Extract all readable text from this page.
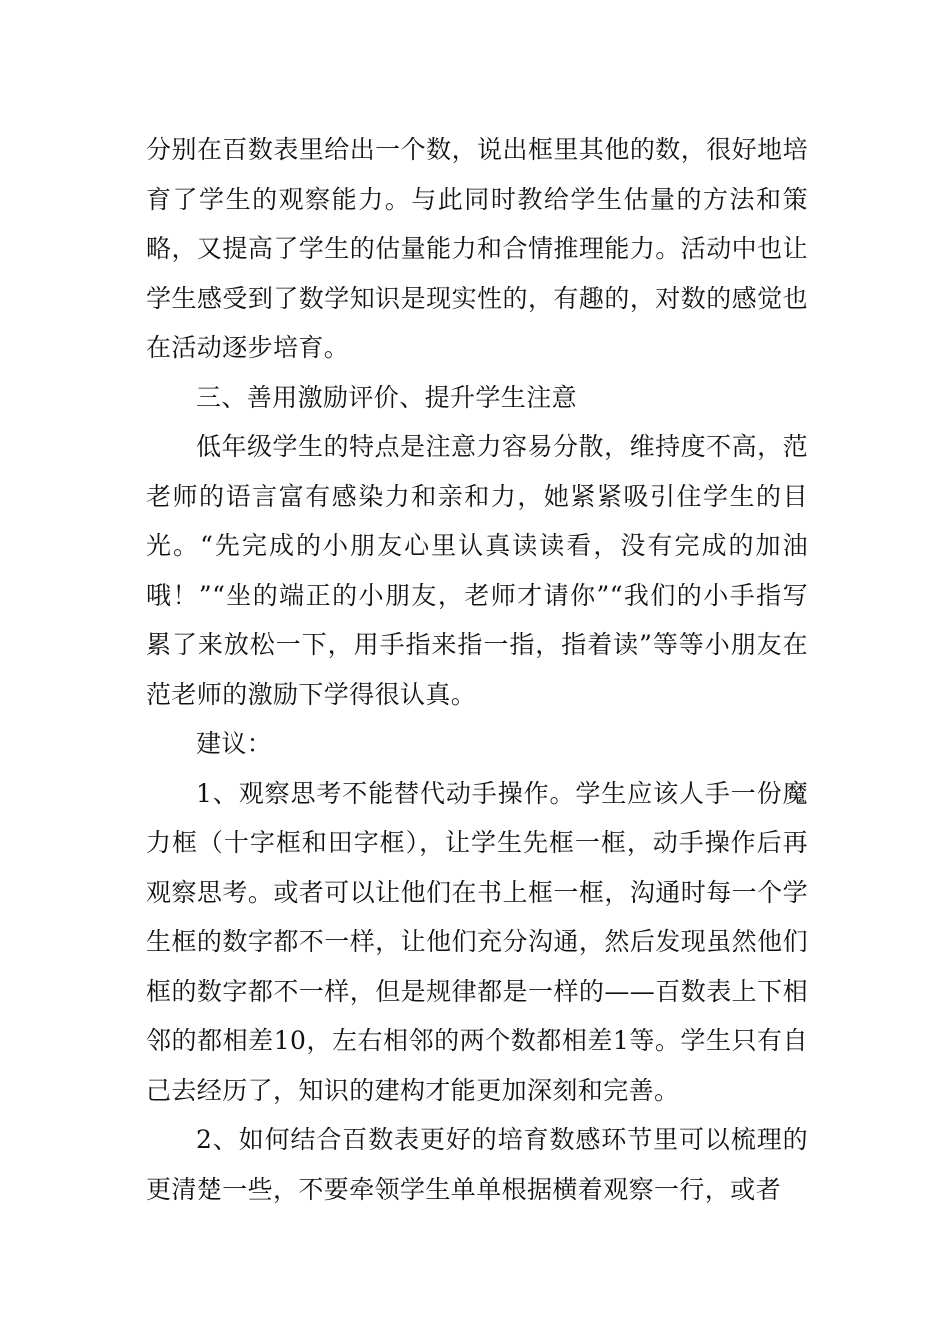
分别在百数表里给出一个数，说出框里其他的数，很好地培育了学生的观察能力。与此同时教给学生估量的方法和策略，又提高了学生的估量能力和合情推理能力。活动中也让学生感受到了数学知识是现实性的，有趣的，对数的感觉也在活动逐步培育。

三、善用激励评价、提升学生注意

低年级学生的特点是注意力容易分散，维持度不高，范老师的语言富有感染力和亲和力，她紧紧吸引住学生的目光。“先完成的小朋友心里认真读读看，没有完成的加油哦！”“坐的端正的小朋友，老师才请你”“我们的小手指写累了来放松一下，用手指来指一指，指着读”等等小朋友在范老师的激励下学得很认真。

建议：

1、观察思考不能替代动手操作。学生应该人手一份魔力框（十字框和田字框），让学生先框一框，动手操作后再观察思考。或者可以让他们在书上框一框，沟通时每一个学生框的数字都不一样，让他们充分沟通，然后发现虽然他们框的数字都不一样，但是规律都是一样的——百数表上下相邻的都相差10，左右相邻的两个数都相差1等。学生只有自己去经历了，知识的建构才能更加深刻和完善。

2、如何结合百数表更好的培育数感环节里可以梳理的更清楚一些，不要牵领学生单单根据横着观察一行，或者
